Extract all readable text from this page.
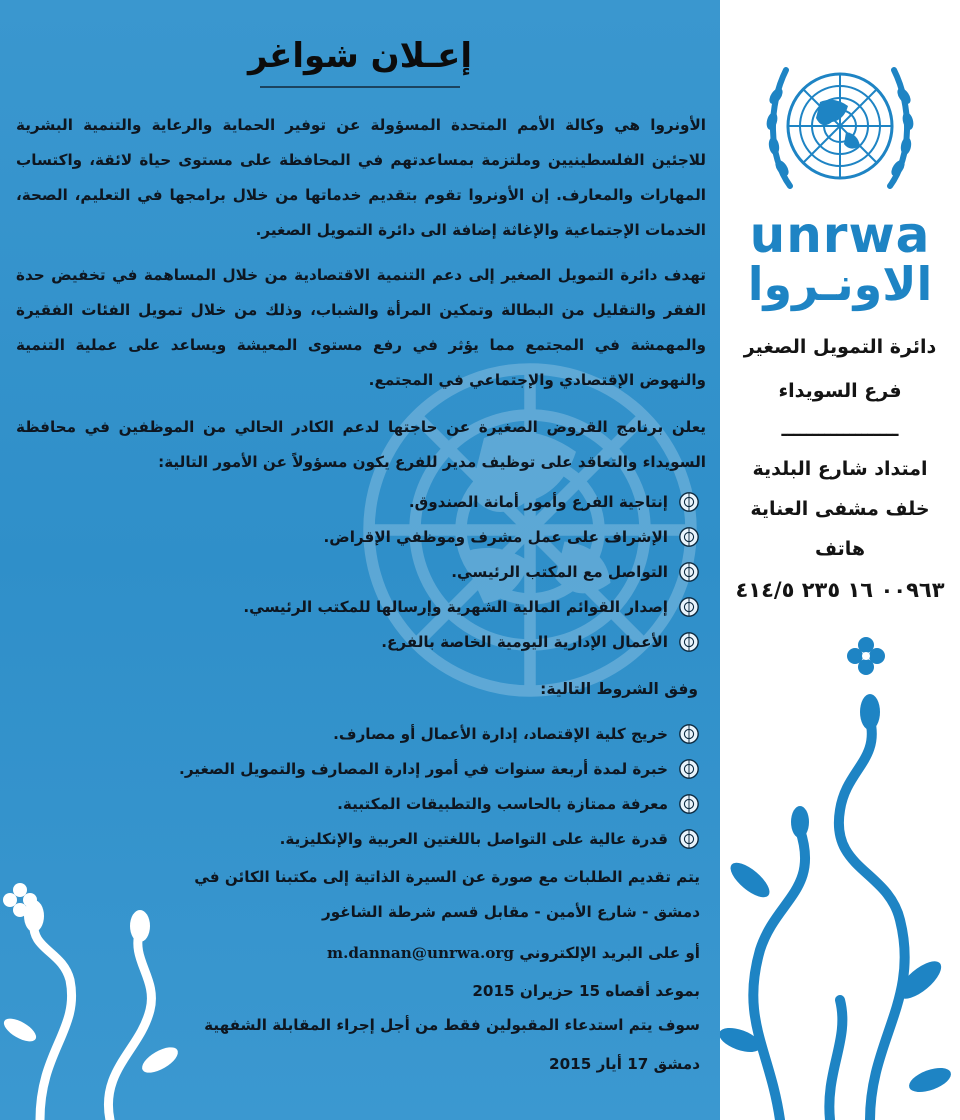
إعـلان شواغر

الأونروا هي وكالة الأمم المتحدة المسؤولة عن توفير الحماية والرعاية والتنمية البشرية للاجئين الفلسطينيين وملتزمة بمساعدتهم في المحافظة على مستوى حياة لائقة، واكتساب المهارات والمعارف. إن الأونروا تقوم بتقديم خدماتها من خلال برامجها في التعليم، الصحة، الخدمات الإجتماعية والإغاثة إضافة الى دائرة التمويل الصغير.

تهدف دائرة التمويل الصغير إلى دعم التنمية الاقتصادية من خلال المساهمة في تخفيض حدة الفقر والتقليل من البطالة وتمكين المرأة والشباب، وذلك من خلال تمويل الفئات الفقيرة والمهمشة في المجتمع مما يؤثر في رفع مستوى المعيشة ويساعد على عملية التنمية والنهوض الإقتصادي والإجتماعي في المجتمع.

يعلن برنامج القروض الصغيرة عن حاجتها لدعم الكادر الحالي من الموظفين في محافظة السويداء والتعاقد على توظيف مدير للفرع يكون مسؤولاً عن الأمور التالية:

إنتاجية الفرع وأمور أمانة الصندوق.
الإشراف على عمل مشرف وموظفي الإقراض.
التواصل مع المكتب الرئيسي.
إصدار القوائم المالية الشهرية وإرسالها للمكتب الرئيسي.
الأعمال الإدارية اليومية الخاصة بالفرع.
وفق الشروط التالية:
خريج كلية الإقتصاد، إدارة الأعمال أو مصارف.
خبرة لمدة أربعة سنوات في أمور إدارة المصارف والتمويل الصغير.
معرفة ممتازة بالحاسب والتطبيقات المكتبية.
قدرة عالية على التواصل باللغتين العربية والإنكليزية.
يتم تقديم الطلبات مع صورة عن السيرة الذاتية إلى مكتبنا الكائن في
دمشق - شارع الأمين - مقابل قسم شرطة الشاغور
أو على البريد الإلكتروني m.dannan@unrwa.org
بموعد أقصاه 15 حزيران 2015
سوف يتم استدعاء المقبولين فقط من أجل إجراء المقابلة الشفهية
دمشق 17 أيار 2015
unrwa
الاونـروا
دائرة التمويل الصغير
فرع السويداء
ـــــــــــــــــــ
امتداد شارع البلدية
خلف مشفى العناية
هاتف
٠٠٩٦٣ ١٦ ٢٣٥ ٤١٤/٥
